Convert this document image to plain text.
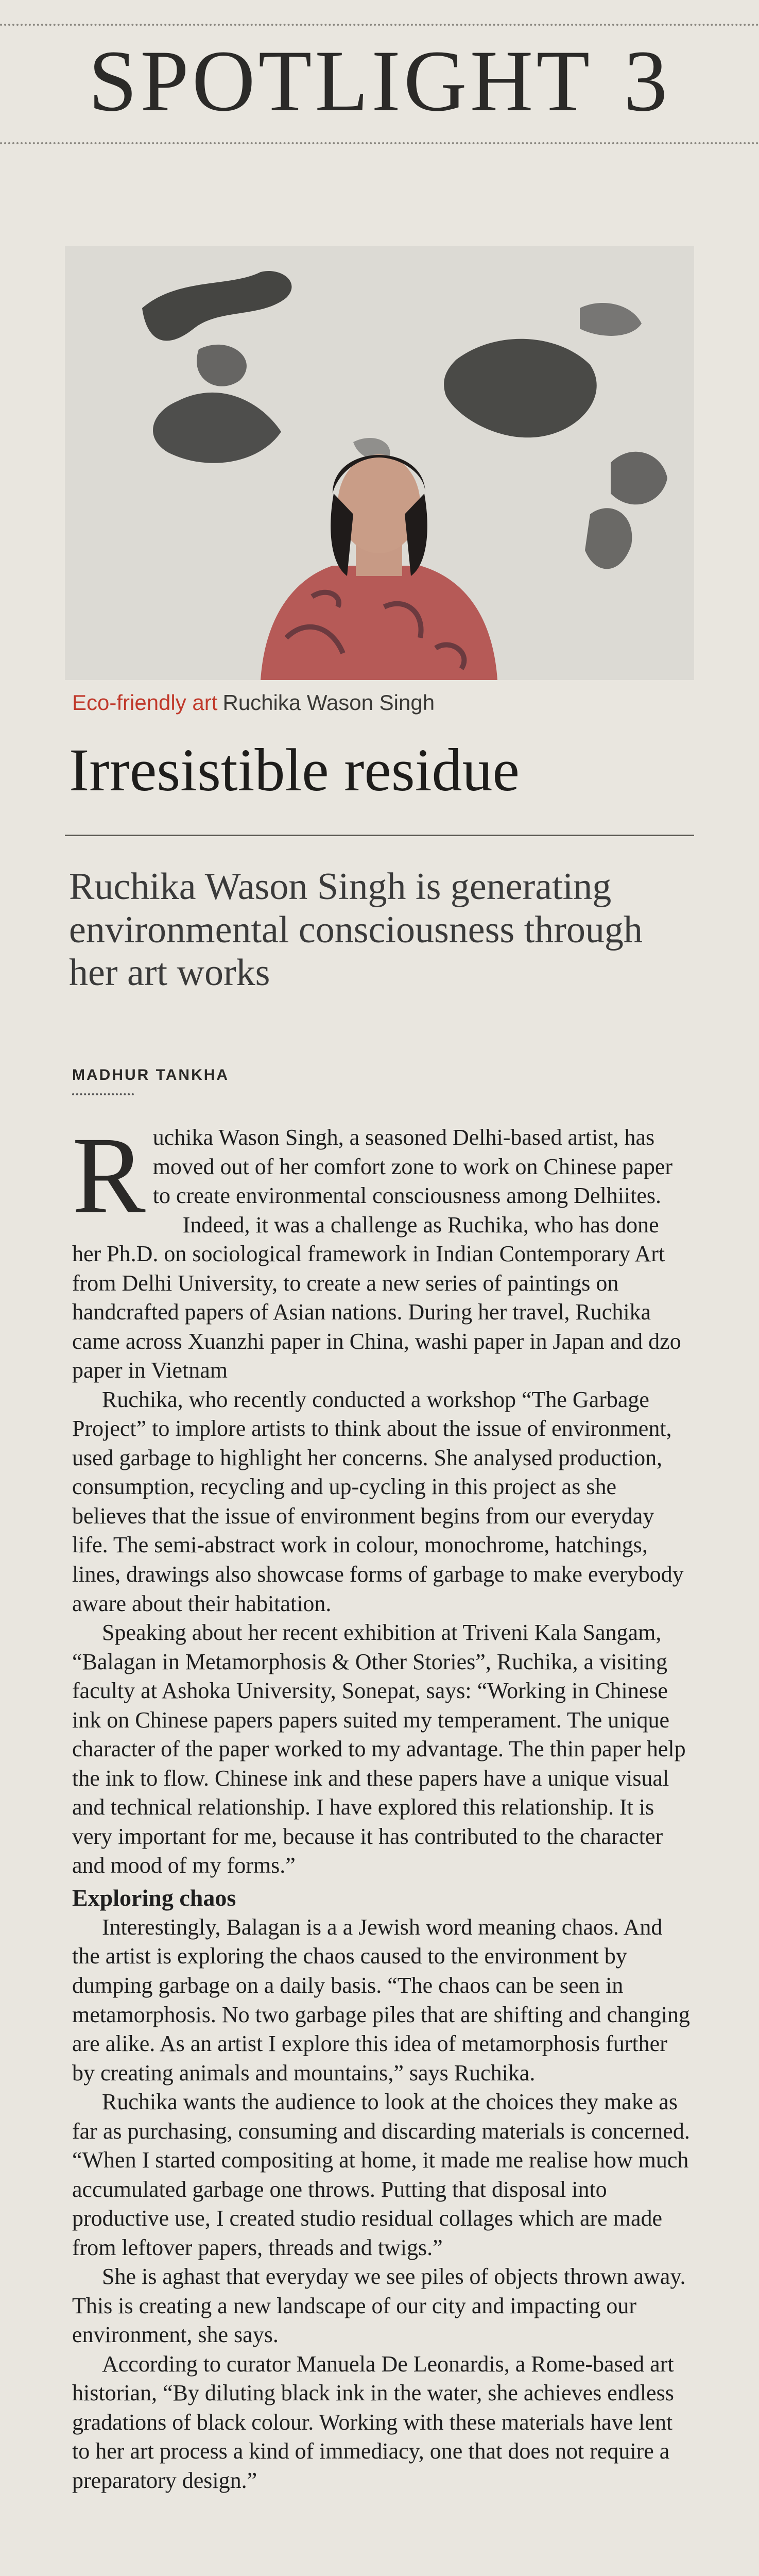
SPOTLIGHT 3
Eco-friendly art Ruchika Wason Singh
Irresistible residue
Ruchika Wason Singh is generating environmental consciousness through her art works
MADHUR TANKHA

Ruchika Wason Singh, a seasoned Delhi-based artist, has moved out of her comfort zone to work on Chinese paper to create environmental consciousness among Delhiites.

Indeed, it was a challenge as Ruchika, who has done her Ph.D. on sociological framework in Indian Contemporary Art from Delhi University, to create a new series of paintings on handcrafted papers of Asian nations. During her travel, Ruchika came across Xuanzhi paper in China, washi paper in Japan and dzo paper in Vietnam

Ruchika, who recently conducted a workshop “The Garbage Project” to implore artists to think about the issue of environment, used garbage to highlight her concerns. She analysed production, consumption, recycling and up-cycling in this project as she believes that the issue of environment begins from our everyday life. The semi-abstract work in colour, monochrome, hatchings, lines, drawings also showcase forms of garbage to make everybody aware about their habitation.

Speaking about her recent exhibition at Triveni Kala Sangam, “Balagan in Metamorphosis & Other Stories”, Ruchika, a visiting faculty at Ashoka University, Sonepat, says: “Working in Chinese ink on Chinese papers papers suited my temperament. The unique character of the paper worked to my advantage. The thin paper help the ink to flow. Chinese ink and these papers have a unique visual and technical relationship. I have explored this relationship. It is very important for me, because it has contributed to the character and mood of my forms.”

Exploring chaos

Interestingly, Balagan is a a Jewish word meaning chaos. And the artist is exploring the chaos caused to the environment by dumping garbage on a daily basis. “The chaos can be seen in metamorphosis. No two garbage piles that are shifting and changing are alike. As an artist I explore this idea of metamorphosis further by creating animals and mountains,” says Ruchika.

Ruchika wants the audience to look at the choices they make as far as purchasing, consuming and discarding materials is concerned. “When I started compositing at home, it made me realise how much accumulated garbage one throws. Putting that disposal into productive use, I created studio residual collages which are made from leftover papers, threads and twigs.”

She is aghast that everyday we see piles of objects thrown away. This is creating a new landscape of our city and impacting our environment, she says.

According to curator Manuela De Leonardis, a Rome-based art historian, “By diluting black ink in the water, she achieves endless gradations of black colour. Working with these materials have lent to her art process a kind of immediacy, one that does not require a preparatory design.”
